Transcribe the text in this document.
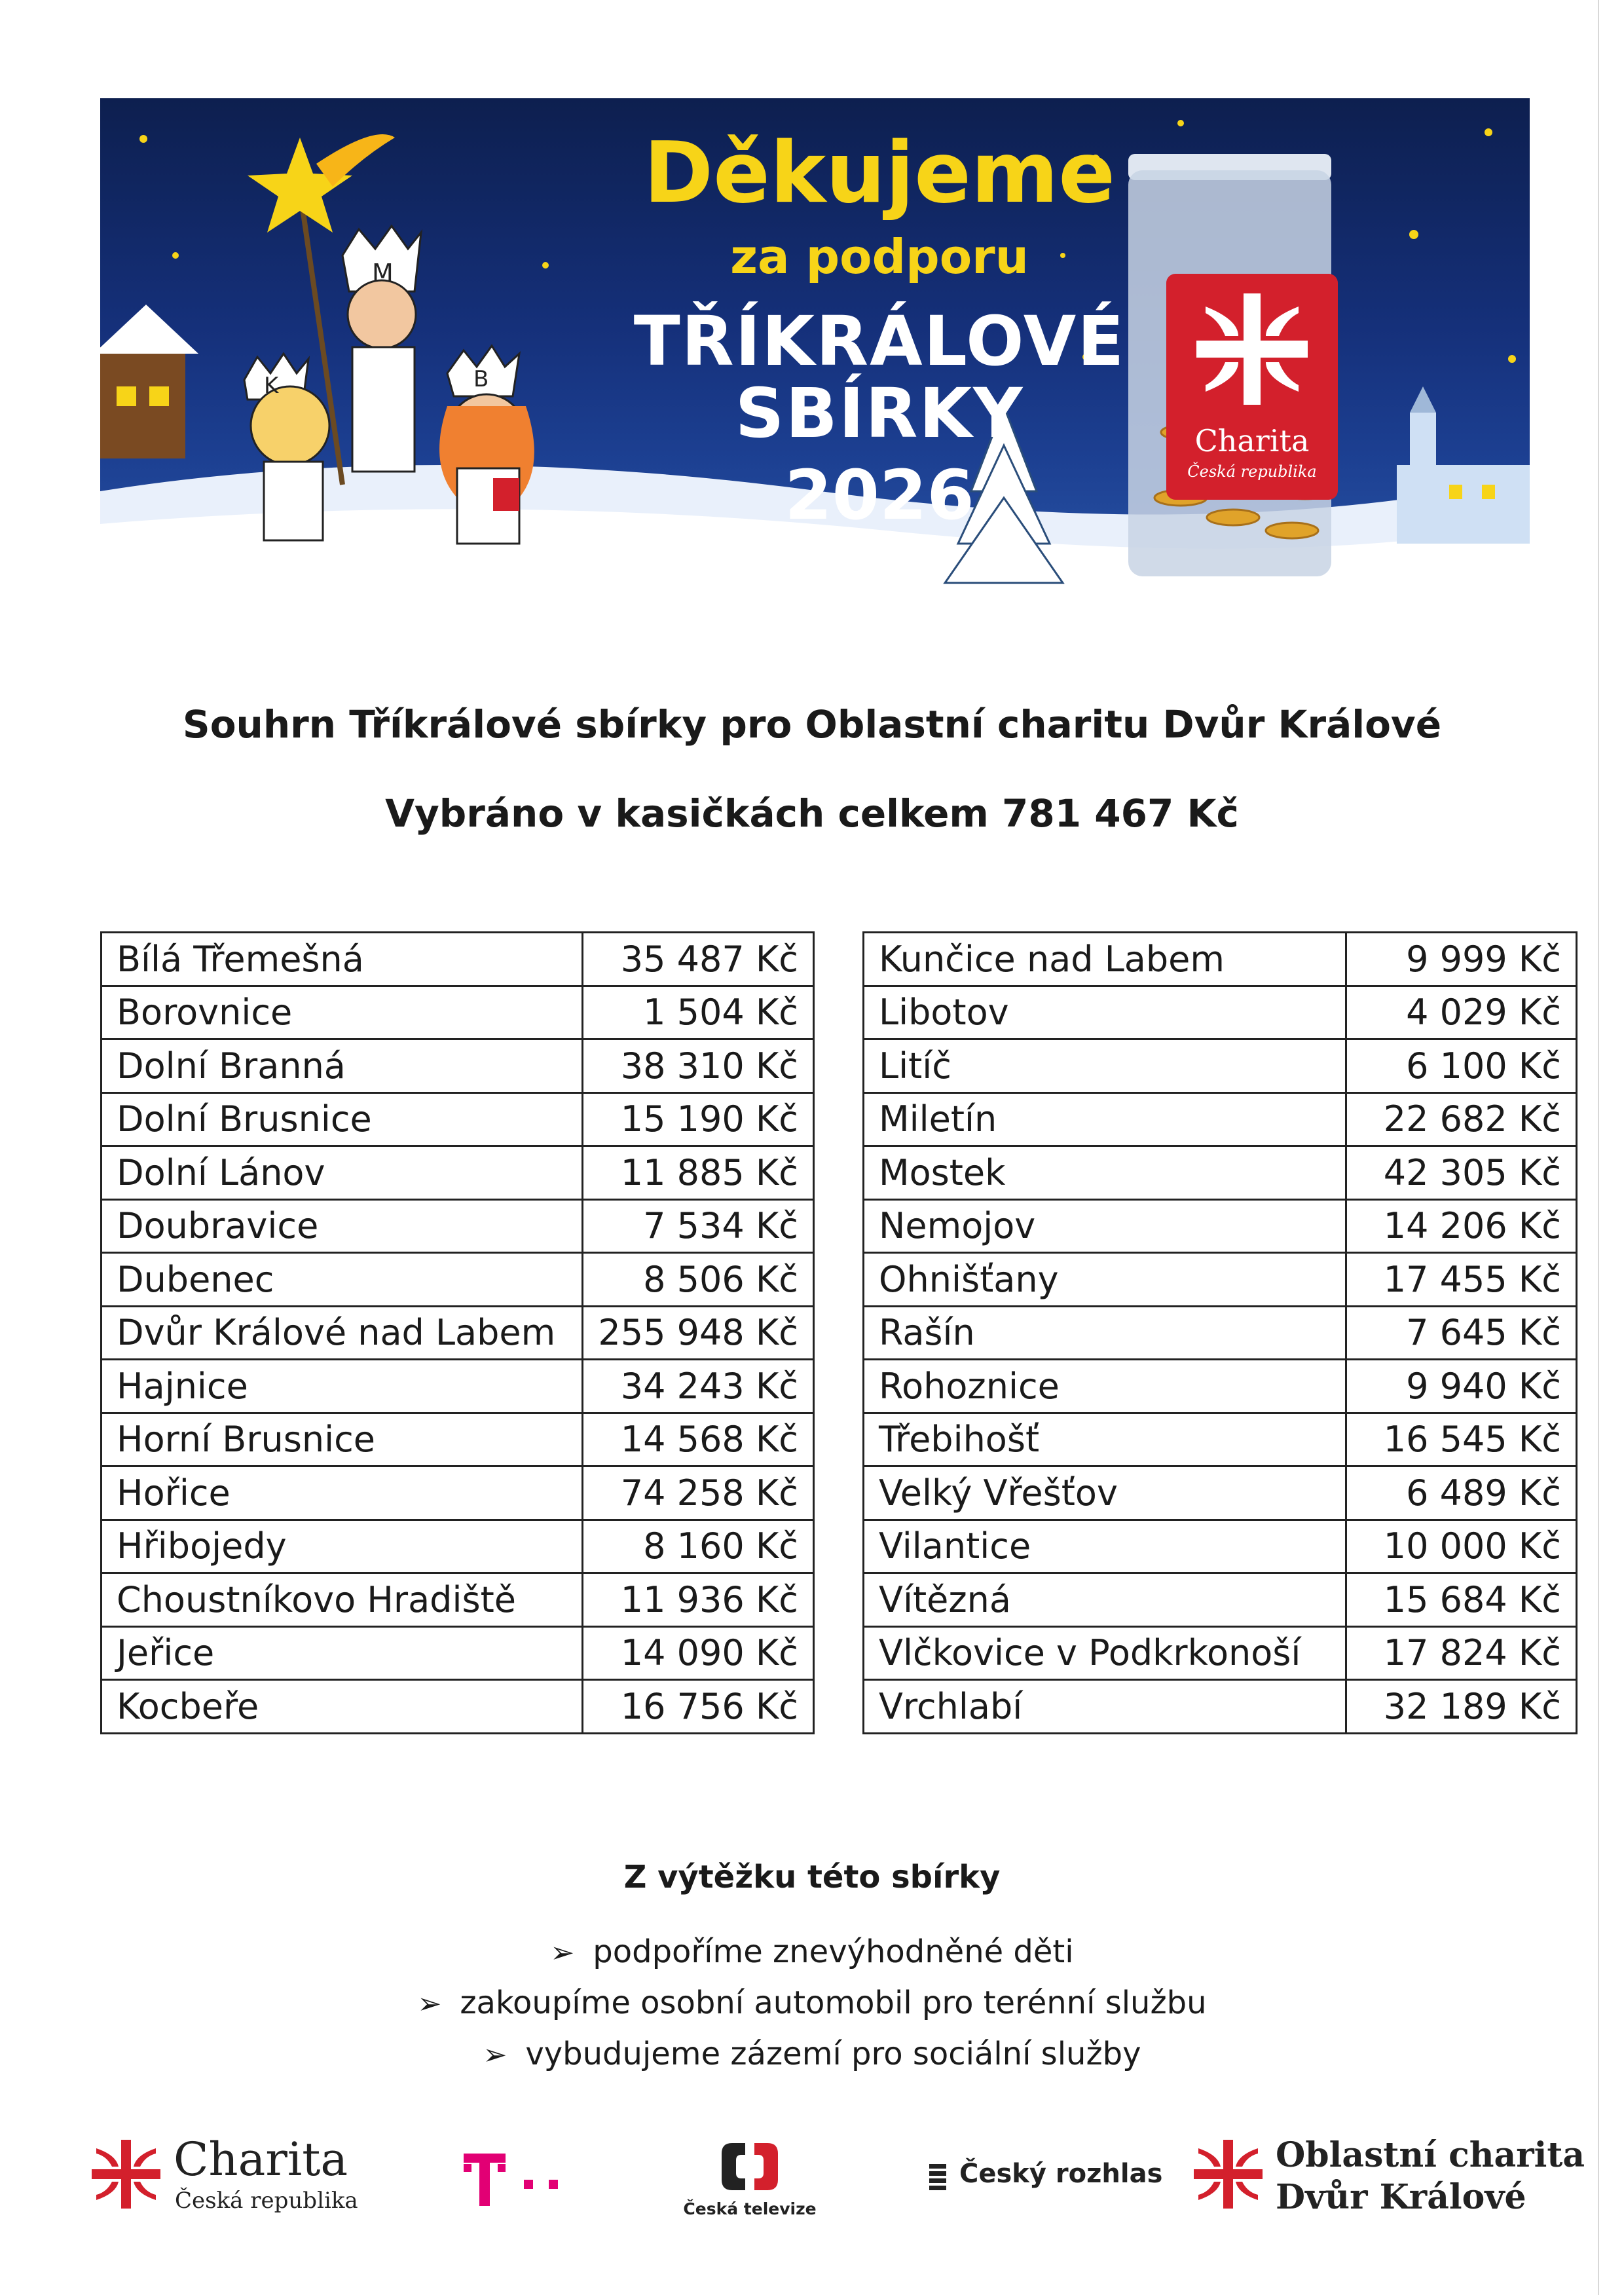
M
K	B
Děkujeme
za podporu
TŘÍKRÁLOVÉ
SBÍRKY
2026
Charita
Česká republika
Souhrn Tříkrálové sbírky pro Oblastní charitu Dvůr Králové
Vybráno v kasičkách celkem 781 467 Kč
Bílá Třemešná	35 487 Kč
Borovnice	1 504 Kč
Dolní Branná	38 310 Kč
Dolní Brusnice	15 190 Kč
Dolní Lánov	11 885 Kč
Doubravice	7 534 Kč
Dubenec	8 506 Kč
Dvůr Králové nad Labem	255 948 Kč
Hajnice	34 243 Kč
Horní Brusnice	14 568 Kč
Hořice	74 258 Kč
Hřibojedy	8 160 Kč
Choustníkovo Hradiště	11 936 Kč
Jeřice	14 090 Kč
Kocbeře	16 756 Kč
Kunčice nad Labem	9 999 Kč
Libotov	4 029 Kč
Litíč	6 100 Kč
Miletín	22 682 Kč
Mostek	42 305 Kč
Nemojov	14 206 Kč
Ohnišťany	17 455 Kč
Rašín	7 645 Kč
Rohoznice	9 940 Kč
Třebihošť	16 545 Kč
Velký Vřešťov	6 489 Kč
Vilantice	10 000 Kč
Vítězná	15 684 Kč
Vlčkovice v Podkrkonoší	17 824 Kč
Vrchlabí	32 189 Kč
Z výtěžku této sbírky
➢ podpoříme znevýhodněné děti
➢ zakoupíme osobní automobil pro terénní službu
➢ vybudujeme zázemí pro sociální služby
Charita
Česká republika	Česká televize
Český rozhlas	Oblastní charita
Dvůr Králové
